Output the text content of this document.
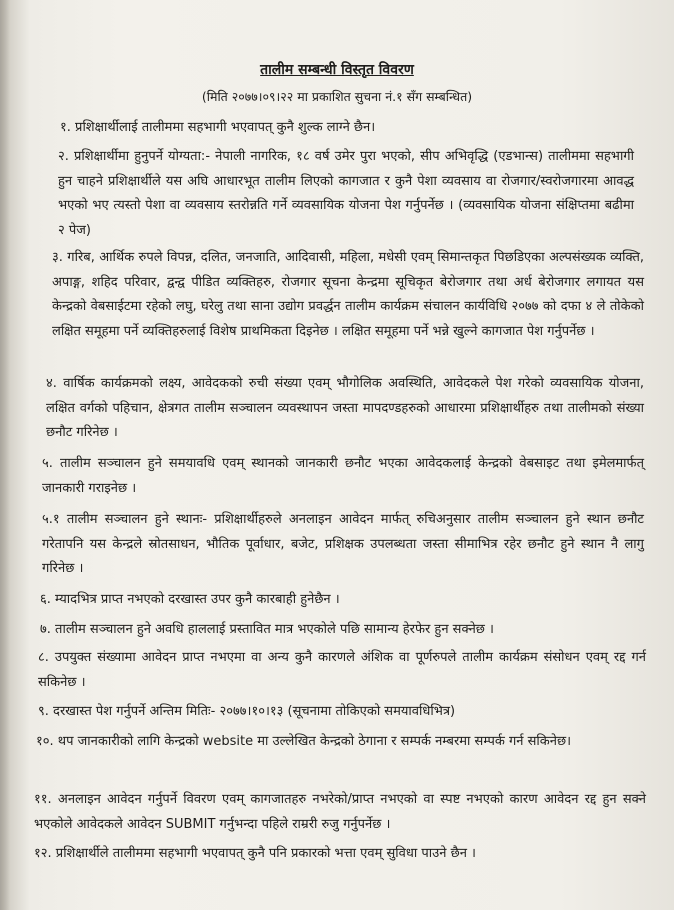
तालीम सम्बन्धी विस्तृत विवरण
(मिति २०७७।०९।२२ मा प्रकाशित सुचना नं.१ सँग सम्बन्धित)
१. प्रशिक्षार्थीलाई तालीममा सहभागी भएवापत् कुनै शुल्क लाग्ने छैन।
२. प्रशिक्षार्थीमा हुनुपर्ने योग्यता:- नेपाली नागरिक, १८ वर्ष उमेर पुरा भएको, सीप अभिवृद्धि (एडभान्स) तालीममा सहभागी हुन चाहने प्रशिक्षार्थीले यस अघि आधारभूत तालीम लिएको कागजात र कुनै पेशा व्यवसाय वा रोजगार/स्वरोजगारमा आवद्ध भएको भए त्यस्तो पेशा वा व्यवसाय स्तरोन्नति गर्ने व्यवसायिक योजना पेश गर्नुपर्नेछ । (व्यवसायिक योजना संक्षिप्तमा बढीमा २ पेज)
३. गरिब, आर्थिक रुपले विपन्न, दलित, जनजाति, आदिवासी, महिला, मधेसी एवम् सिमान्तकृत पिछडिएका अल्पसंख्यक व्यक्ति, अपाङ्ग, शहिद परिवार, द्वन्द्व पीडित व्यक्तिहरु, रोजगार सूचना केन्द्रमा सूचिकृत बेरोजगार तथा अर्ध बेरोजगार लगायत यस केन्द्रको वेबसाईटमा रहेको लघु, घरेलु तथा साना उद्योग प्रवर्द्धन तालीम कार्यक्रम संचालन कार्यविधि २०७७ को दफा ४ ले तोकेको लक्षित समूहमा पर्ने व्यक्तिहरुलाई विशेष प्राथमिकता दिइनेछ । लक्षित समूहमा पर्ने भन्ने खुल्ने कागजात पेश गर्नुपर्नेछ ।
४. वार्षिक कार्यक्रमको लक्ष्य, आवेदकको रुची संख्या एवम् भौगोलिक अवस्थिति, आवेदकले पेश गरेको व्यवसायिक योजना, लक्षित वर्गको पहिचान, क्षेत्रगत तालीम सञ्चालन व्यवस्थापन जस्ता मापदण्डहरुको आधारमा प्रशिक्षार्थीहरु तथा तालीमको संख्या छनौट गरिनेछ ।
५. तालीम सञ्चालन हुने समयावधि एवम् स्थानको जानकारी छनौट भएका आवेदकलाई केन्द्रको वेबसाइट तथा इमेलमार्फत् जानकारी गराइनेछ ।
५.१ तालीम सञ्चालन हुने स्थानः- प्रशिक्षार्थीहरुले अनलाइन आवेदन मार्फत् रुचिअनुसार तालीम सञ्चालन हुने स्थान छनौट गरेतापनि यस केन्द्रले स्रोतसाधन, भौतिक पूर्वाधार, बजेट, प्रशिक्षक उपलब्धता जस्ता सीमाभित्र रहेर छनौट हुने स्थान नै लागु गरिनेछ ।
६. म्यादभित्र प्राप्त नभएको दरखास्त उपर कुनै कारबाही हुनेछैन ।
७. तालीम सञ्चालन हुने अवधि हाललाई प्रस्तावित मात्र भएकोले पछि सामान्य हेरफेर हुन सक्नेछ ।
८. उपयुक्त संख्यामा आवेदन प्राप्त नभएमा वा अन्य कुनै कारणले अंशिक वा पूर्णरुपले तालीम कार्यक्रम संसोधन एवम् रद्द गर्न सकिनेछ ।
९. दरखास्त पेश गर्नुपर्ने अन्तिम मितिः- २०७७।१०।१३ (सूचनामा तोकिएको समयावधिभित्र)
१०. थप जानकारीको लागि केन्द्रको website मा उल्लेखित केन्द्रको ठेगाना र सम्पर्क नम्बरमा सम्पर्क गर्न सकिनेछ।
११. अनलाइन आवेदन गर्नुपर्ने विवरण एवम् कागजातहरु नभरेको/प्राप्त नभएको वा स्पष्ट नभएको कारण आवेदन रद्द हुन सक्ने भएकोले आवेदकले आवेदन SUBMIT गर्नुभन्दा पहिले राम्ररी रुजु गर्नुपर्नेछ ।
१२. प्रशिक्षार्थीले तालीममा सहभागी भएवापत् कुनै पनि प्रकारको भत्ता एवम् सुविधा पाउने छैन ।
